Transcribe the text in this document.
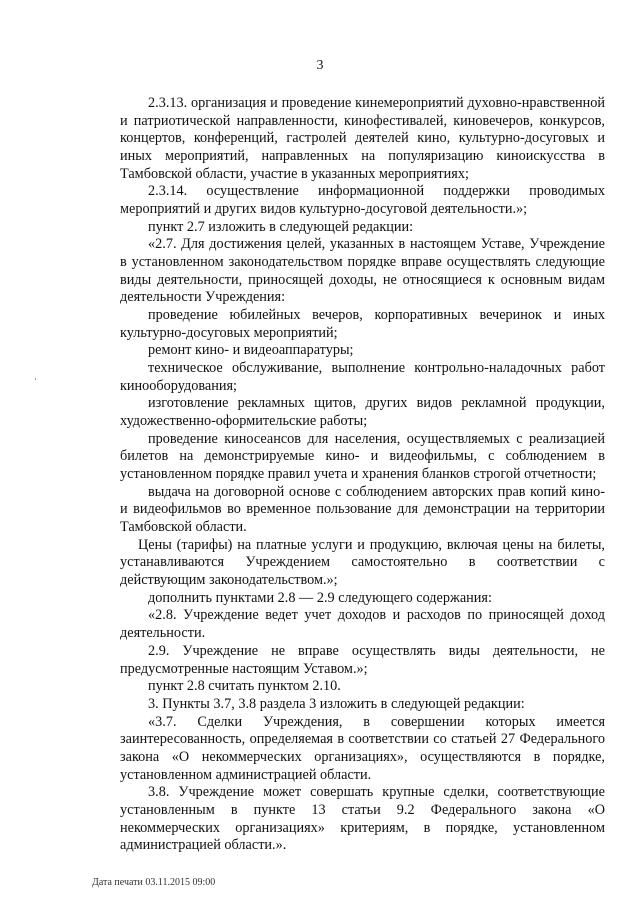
3

2.3.13. организация и проведение кинемероприятий духовно-нравственной и патриотической направленности, кинофестивалей, киновечеров, конкурсов, концертов, конференций, гастролей деятелей кино, культурно-досуговых и иных мероприятий, направленных на популяризацию киноискусства в Тамбовской области, участие в указанных мероприятиях;

2.3.14. осуществление информационной поддержки проводимых мероприятий и других видов культурно-досуговой деятельности.»;

пункт 2.7 изложить в следующей редакции:

«2.7. Для достижения целей, указанных в настоящем Уставе, Учреждение в установленном законодательством порядке вправе осуществлять следующие виды деятельности, приносящей доходы, не относящиеся к основным видам деятельности Учреждения:

проведение юбилейных вечеров, корпоративных вечеринок и иных культурно-досуговых мероприятий;

ремонт кино- и видеоаппаратуры;

техническое обслуживание, выполнение контрольно-наладочных работ кинооборудования;

изготовление рекламных щитов, других видов рекламной продукции, художественно-оформительские работы;

проведение киносеансов для населения, осуществляемых с реализацией билетов на демонстрируемые кино- и видеофильмы, с соблюдением в установленном порядке правил учета и хранения бланков строгой отчетности;

выдача на договорной основе с соблюдением авторских прав копий кино- и видеофильмов во временное пользование для демонстрации на территории Тамбовской области.

Цены (тарифы) на платные услуги и продукцию, включая цены на билеты, устанавливаются Учреждением самостоятельно в соответствии с действующим законодательством.»;

дополнить пунктами 2.8 — 2.9 следующего содержания:

«2.8. Учреждение ведет учет доходов и расходов по приносящей доход деятельности.

2.9. Учреждение не вправе осуществлять виды деятельности, не предусмотренные настоящим Уставом.»;

пункт 2.8 считать пунктом 2.10.

3. Пункты 3.7, 3.8 раздела 3 изложить в следующей редакции:

«3.7. Сделки Учреждения, в совершении которых имеется заинтересованность, определяемая в соответствии со статьей 27 Федерального закона «О некоммерческих организациях», осуществляются в порядке, установленном администрацией области.

3.8. Учреждение может совершать крупные сделки, соответствующие установленным в пункте 13 статьи 9.2 Федерального закона «О некоммерческих организациях» критериям, в порядке, установленном администрацией области.».

Дата печати 03.11.2015 09:00
